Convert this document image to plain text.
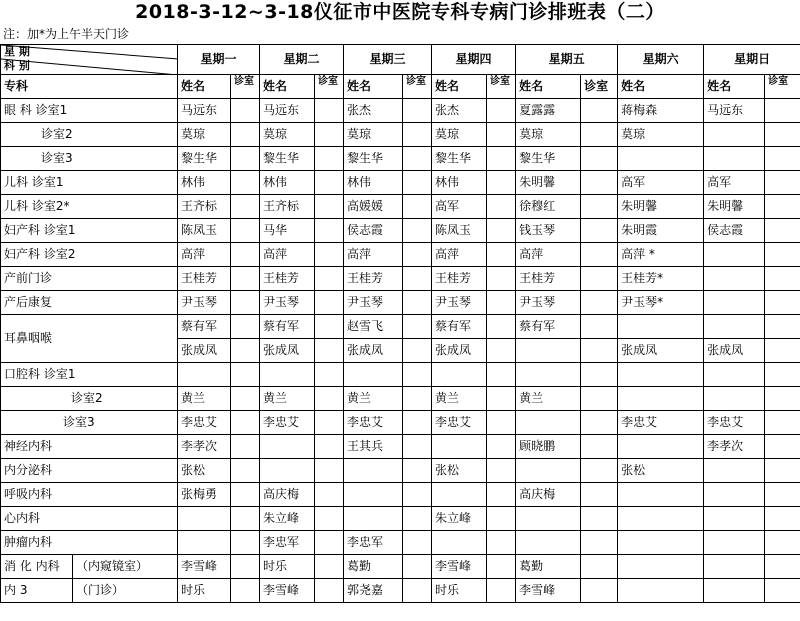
2018-3-12~3-18仪征市中医院专科专病门诊排班表（二）
注：加*为上午半天门诊
星 期
科 别		星期一		星期二		星期三		星期四		星期五		星期六	星期日	
专科		姓名	诊室	姓名	诊室	姓名	诊室	姓名	诊室	姓名	诊室	姓名	姓名	诊室
眼 科 诊室1		马远东		马远东		张杰		张杰		夏露露		蒋梅森	马远东	
诊室2		莫琼		莫琼		莫琼		莫琼		莫琼		莫琼		
诊室3		黎生华		黎生华		黎生华		黎生华		黎生华				
儿科 诊室1		林伟		林伟		林伟		林伟		朱明馨		高军	高军	
儿科 诊室2*		王齐标		王齐标		高媛媛		高军		徐穆红		朱明馨	朱明馨	
妇产科 诊室1		陈凤玉		马华		侯志霞		陈凤玉		钱玉琴		朱明霞	侯志霞	
妇产科 诊室2		高萍		高萍		高萍		高萍		高萍		高萍 *		
产前门诊		王桂芳		王桂芳		王桂芳		王桂芳		王桂芳		王桂芳*		
产后康复		尹玉琴		尹玉琴		尹玉琴		尹玉琴		尹玉琴		尹玉琴*		
耳鼻咽喉		蔡有军		蔡有军		赵雪飞		蔡有军		蔡有军				
		张成凤		张成凤		张成凤		张成凤				张成凤	张成凤	
口腔科 诊室1														
诊室2		黄兰		黄兰		黄兰		黄兰		黄兰				
诊室3		李忠艾		李忠艾		李忠艾		李忠艾				李忠艾	李忠艾	
神经内科		李孝次				王其兵				顾晓鹏			李孝次	
内分泌科		张松						张松				张松		
呼吸内科		张梅勇		高庆梅						高庆梅				
心内科				朱立峰				朱立峰						
肿瘤内科				李忠军		李忠军								
消 化 内科	（内窥镜室）	李雪峰		时乐		葛勤		李雪峰		葛勤				
内 3	（门诊）	时乐		李雪峰		郭尧嘉		时乐		李雪峰				
